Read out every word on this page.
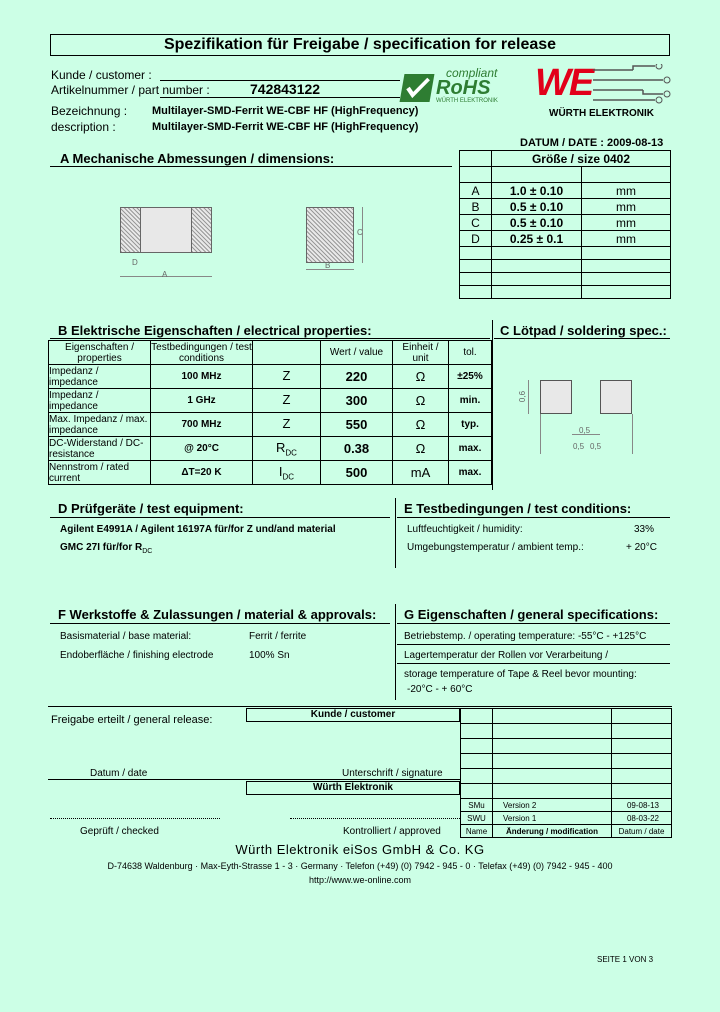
Spezifikation für Freigabe / specification for release
Kunde / customer :
Artikelnummer / part number :	742843122
Bezeichnung : Multilayer-SMD-Ferrit WE-CBF HF (HighFrequency)
description :	Multilayer-SMD-Ferrit WE-CBF HF (HighFrequency)
DATUM / DATE : 2009-08-13
compliant
RoHS
WÜRTH ELEKTRONIK WE
WÜRTH ELEKTRONIK
A Mechanische Abmessungen / dimensions:
A
D
C
B
	Größe / size 0402	

A	1.0 ± 0.10	mm
B	0.5 ± 0.10	mm
C	0.5 ± 0.10	mm
D	0.25 ± 0.1	mm

B Elektrische Eigenschaften / electrical properties:
Eigenschaften / properties	Testbedingungen / test conditions		Wert / value	Einheit / unit	tol.
Impedanz / impedance	100 MHz	Z	220	Ω	±25%
Impedanz / impedance	1 GHz	Z	300	Ω	min.
Max. Impedanz / max. impedance	700 MHz	Z	550	Ω	typ.
DC-Widerstand / DC-resistance	@ 20°C	$R_{DC}$	0.38	Ω	max.
Nennstrom / rated current	ΔT=20 K	$I_{DC}$	500	mA	max.
C Lötpad / soldering spec.:
0,6
0,5
0,5 0,5
D Prüfgeräte / test equipment:
Agilent E4991A / Agilent 16197A für/for Z und/and material
GMC 27I für/for $R_{DC}$
E Testbedingungen / test conditions:
Luftfeuchtigkeit / humidity:	33%
Umgebungstemperatur / ambient temp.:	+ 20°C
F Werkstoffe & Zulassungen / material & approvals:
Basismaterial / base material:	Ferrit / ferrite
Endoberfläche / finishing electrode	100% Sn
G Eigenschaften / general specifications:
Betriebstemp. / operating temperature: -55°C - +125°C
Lagertemperatur der Rollen vor Verarbeitung /
storage temperature of Tape & Reel bevor mounting:
-20°C - + 60°C
Freigabe erteilt / general release:	Kunde / customer
Datum / date	Unterschrift / signature
Würth Elektronik
Geprüft / checked	Kontrolliert / approved

SMu	Version 2	09-08-13
SWU	Version 1	08-03-22
Name	Änderung / modification	Datum / date
Würth Elektronik eiSos GmbH & Co. KG
D-74638 Waldenburg · Max-Eyth-Strasse 1 - 3 · Germany · Telefon (+49) (0) 7942 - 945 - 0 · Telefax (+49) (0) 7942 - 945 - 400
http://www.we-online.com
SEITE 1 VON 3
